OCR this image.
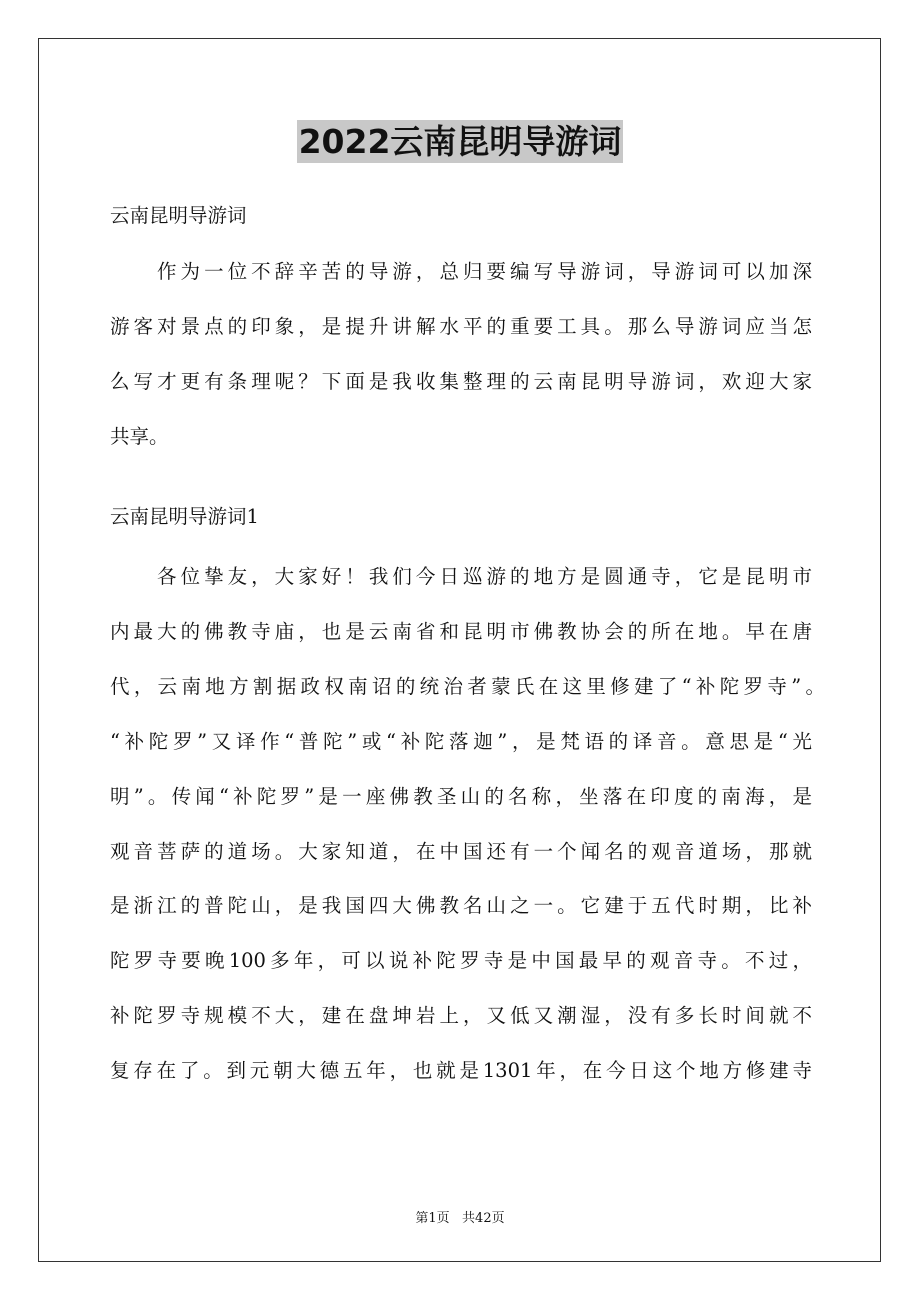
2022云南昆明导游词
云南昆明导游词
作为一位不辞辛苦的导游，总归要编写导游词，导游词可以加深
游客对景点的印象，是提升讲解水平的重要工具。那么导游词应当怎
么写才更有条理呢？下面是我收集整理的云南昆明导游词，欢迎大家
共享。
云南昆明导游词1
各位挚友，大家好！我们今日巡游的地方是圆通寺，它是昆明市
内最大的佛教寺庙，也是云南省和昆明市佛教协会的所在地。早在唐
代，云南地方割据政权南诏的统治者蒙氏在这里修建了“补陀罗寺”。
“补陀罗”又译作“普陀”或“补陀落迦”，是梵语的译音。意思是“光
明”。传闻“补陀罗”是一座佛教圣山的名称，坐落在印度的南海，是
观音菩萨的道场。大家知道，在中国还有一个闻名的观音道场，那就
是浙江的普陀山，是我国四大佛教名山之一。它建于五代时期，比补
陀罗寺要晚100多年，可以说补陀罗寺是中国最早的观音寺。不过，
补陀罗寺规模不大，建在盘坤岩上，又低又潮湿，没有多长时间就不
复存在了。到元朝大德五年，也就是1301年，在今日这个地方修建寺
第1页   共42页
